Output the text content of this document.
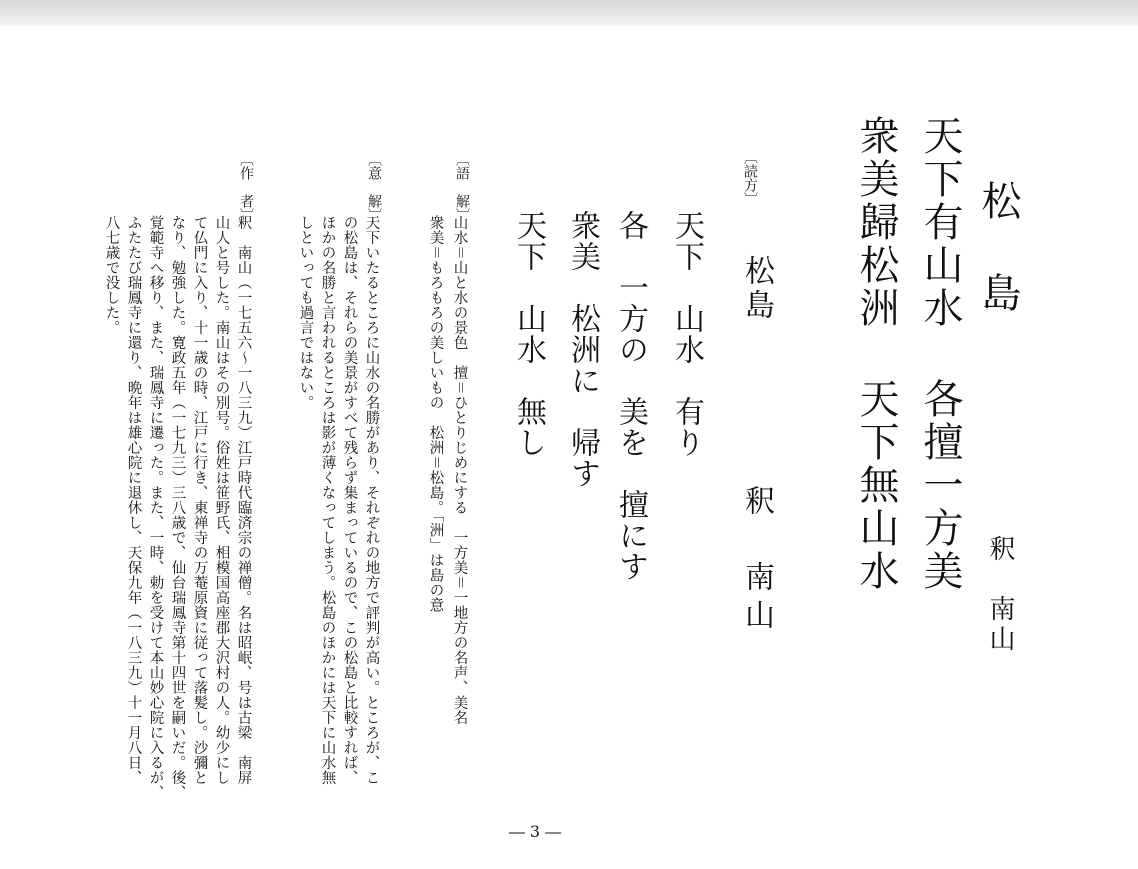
松　島
釈　南山
天下有山水各擅一方美
衆美歸松洲天下無山水
〔読方〕
松島
釈　南山
天下　山水　有り
各　一方の　美を　擅にす
衆美　松洲に　帰す
天下　山水　無し
〔語　解〕
山水＝山と水の景色　擅＝ひとりじめにする　一方美＝一地方の名声、美名
衆美＝もろもろの美しいもの　松洲＝松島。「洲」は島の意
〔意　解〕
天下いたるところに山水の名勝があり、それぞれの地方で評判が高い。ところが、こ
の松島は、それらの美景がすべて残らず集まっているので、この松島と比較すれば、
ほかの名勝と言われるところは影が薄くなってしまう。松島のほかには天下に山水無
しといっても過言ではない。
〔作　者〕
釈　南山（一七五六〜一八三九）江戸時代臨済宗の禅僧。名は昭岷、号は古梁　南屏
山人と号した。南山はその別号。俗姓は笹野氏、相模国高座郡大沢村の人。幼少にし
て仏門に入り、十一歳の時、江戸に行き、東禅寺の万菴原資に従って落髪し。沙彌と
なり、勉強した。寛政五年（一七九三）三八歳で、仙台瑞鳳寺第十四世を嗣いだ。後、
覚範寺へ移り、また、瑞鳳寺に遷った。また、一時、勅を受けて本山妙心院に入るが、
ふたたび瑞鳳寺に還り、晩年は雄心院に退休し、天保九年（一八三九）十一月八日、
八七歳で没した。
― 3 ―
